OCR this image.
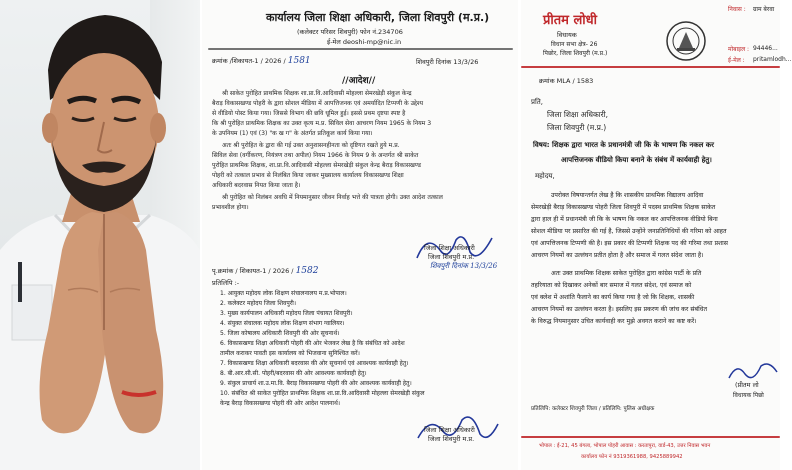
कार्यालय जिला शिक्षा अधिकारी, जिला शिवपुरी (म.प्र.)
(कलेक्टर परिसर शिवपुरी) फोन नं.234706
ई-मेल deoshi-mp@nic.in
क्रमांक /शिकायत-1 / 2026 / 1581	शिवपुरी दिनांक 13/3/26
//आदेश//
श्री साकेत पुरोहित प्राथमिक शिक्षक शा.प्रा.वि.आदिवासी मोहल्ला सेमरखेड़ी संकुल केन्द्र
बैराड़ विकासखण्ड पोहरी के द्वारा सोशल मीडिया में आपत्तिजनक एवं अमर्यादित टिप्पणी के उद्देश्य
से वीडियो पोस्ट किया गया। जिससे विभाग की छवि धूमिल हुई। इससे प्रथम दृष्टया स्पष्ट है
कि श्री पुरोहित प्राथमिक शिक्षक का उक्त कृत्य म.प्र. सिविल सेवा आचरण नियम 1965 के नियम 3
के उपनियम (1) एवं (3) "क ख ग" के अंतर्गत प्रतिकूल कार्य किया गया।
अतः श्री पुरोहित के द्वारा की गई उक्त अनुशासनहीनता को दृष्टिगत रखते हुये म.प्र.
सिविल सेवा (वर्गीकरण, नियंत्रण तथा अपील) नियम 1966 के नियम 9 के अन्तर्गत श्री साकेत
पुरोहित प्राथमिक शिक्षक, शा.प्रा.वि.आदिवासी मोहल्ला सेमरखेड़ी संकुल केन्द्र बैराड़ विकासखण्ड
पोहरी को तत्काल प्रभाव से निलंबित किया जाकर मुख्यालय कार्यालय विकासखण्ड शिक्षा
अधिकारी बदरवास नियत किया जाता है।
श्री पुरोहित को निलंबन अवधि में नियमानुसार जीवन निर्वाह भत्ते की पात्रता होगी। उक्त आदेश तत्काल
प्रभावशील होगा।
जिला शिक्षा अधिकारी
जिला शिवपुरी म.प्र.
शिवपुरी दिनांक 13/3/26
पृ.क्रमांक / शिकायत-1 / 2026 / 1582
प्रतिलिपि :-
1. आयुक्त महोदय लोक शिक्षण संचालनालय म.प्र.भोपाल।
2. कलेक्टर महोदय जिला शिवपुरी।
3. मुख्य कार्यपालन अधिकारी महोदय जिला पंचायत शिवपुरी।
4. संयुक्त संचालक महोदय लोक शिक्षण संभाग ग्वालियर।
5. जिला कोषालय अधिकारी शिवपुरी की ओर सूचनार्थ।
6. विकासखण्ड शिक्षा अधिकारी पोहरी की ओर भेजकर लेख है कि संबंधित को आदेश
तामील कराकर पावती इस कार्यालय को भिजवाना सुनिश्चित करें।
7. विकासखण्ड शिक्षा अधिकारी बदरवास की ओर सूचनार्थ एवं आवश्यक कार्यवाही हेतु।
8. बी.आर.सी.सी. पोहरी/बदरवास की ओर आवश्यक कार्यवाही हेतु।
9. संकुल प्राचार्य शा.उ.मा.वि. बैराड़ विकासखण्ड पोहरी की ओर आवश्यक कार्यवाही हेतु।
10. संबंधित श्री साकेत पुरोहित प्राथमिक शिक्षक शा.प्रा.वि.आदिवासी मोहल्ला सेमरखेड़ी संकुल
केन्द्र बैराड़ विकासखण्ड पोहरी की ओर आदेश पालनार्थ।
जिला शिक्षा अधिकारी
जिला शिवपुरी म.प्र.
प्रीतम लोधी
विधायक
विधान सभा क्षेत्र- 26
पिछोर, जिला शिवपुरी (म.प्र.)
निवास : ग्राम बेरवा
मोबाइल : 94446...
ई-मेल : pritamlodh...
क्रमांक MLA / 1583
प्रति,
जिला शिक्षा अधिकारी,
जिला शिवपुरी (म.प्र.)
विषय: शिक्षक द्वारा भारत के प्रधानमंत्री जी कि के भाषण कि नकल कर
आपत्तिजनक वीडियो किया बनाने के संबंध में कार्यवाही हेतु।
महोदय,
उपरोक्त विषयान्तर्गत लेख है कि शासकीय प्राथमिक विद्यालय आदिवा
सेमरखेड़ी बैराड़ विकासखण्ड पोहरी जिला शिवपुरी में पदस्थ प्राथमिक शिक्षक साकेत
द्वारा हाल ही में प्रधानमंत्री जी कि के भाषण कि नकल कर आपत्तिजनक वीडियो बिना
सोशल मीडिया पर प्रसारित की गई है, जिससे उन्होंने जनप्रतिनिधियों की गरिमा को आहत
एवं आपत्तिजनक टिप्पणी की है। इस प्रकार की टिप्पणी शिक्षक पद की गरिमा तथा प्रशास
आचरण नियमों का उल्लंघन प्रतीत होता है और समाज में गलत संदेश जाता है।
अतः उक्त प्राथमिक शिक्षक साकेत पुरोहित द्वारा कांग्रेस पार्टी के प्रति
तहरियाता को दिखाकर अनेकों बार समाज में गलत संदेश, एवं समाज को
एवं क्लेश में अशांति फैलाने का कार्य किया गया है जो कि शिक्षक, शासकी
आचरण नियमों का उल्लंघन करता है। इसलिए इस प्रकरण की जांच कर संबंधित
के विरुद्ध नियमानुसार उचित कार्यवाही कर मुझे अवगत कराने का कष्ट करें।
(प्रीतम लो
विधायक पिछो
प्रतिलिपि: कलेक्टर शिवपुरी जिला / प्रतिलिपि: पुलिस अधीक्षक
भोपाल : ई-21, 45 बंगला, भोपाल पोहरी आवास : करतापुरा, वार्ड-43, उत्तर निवास भवन
कार्यालय फोन नं 9319361988, 9425889942
